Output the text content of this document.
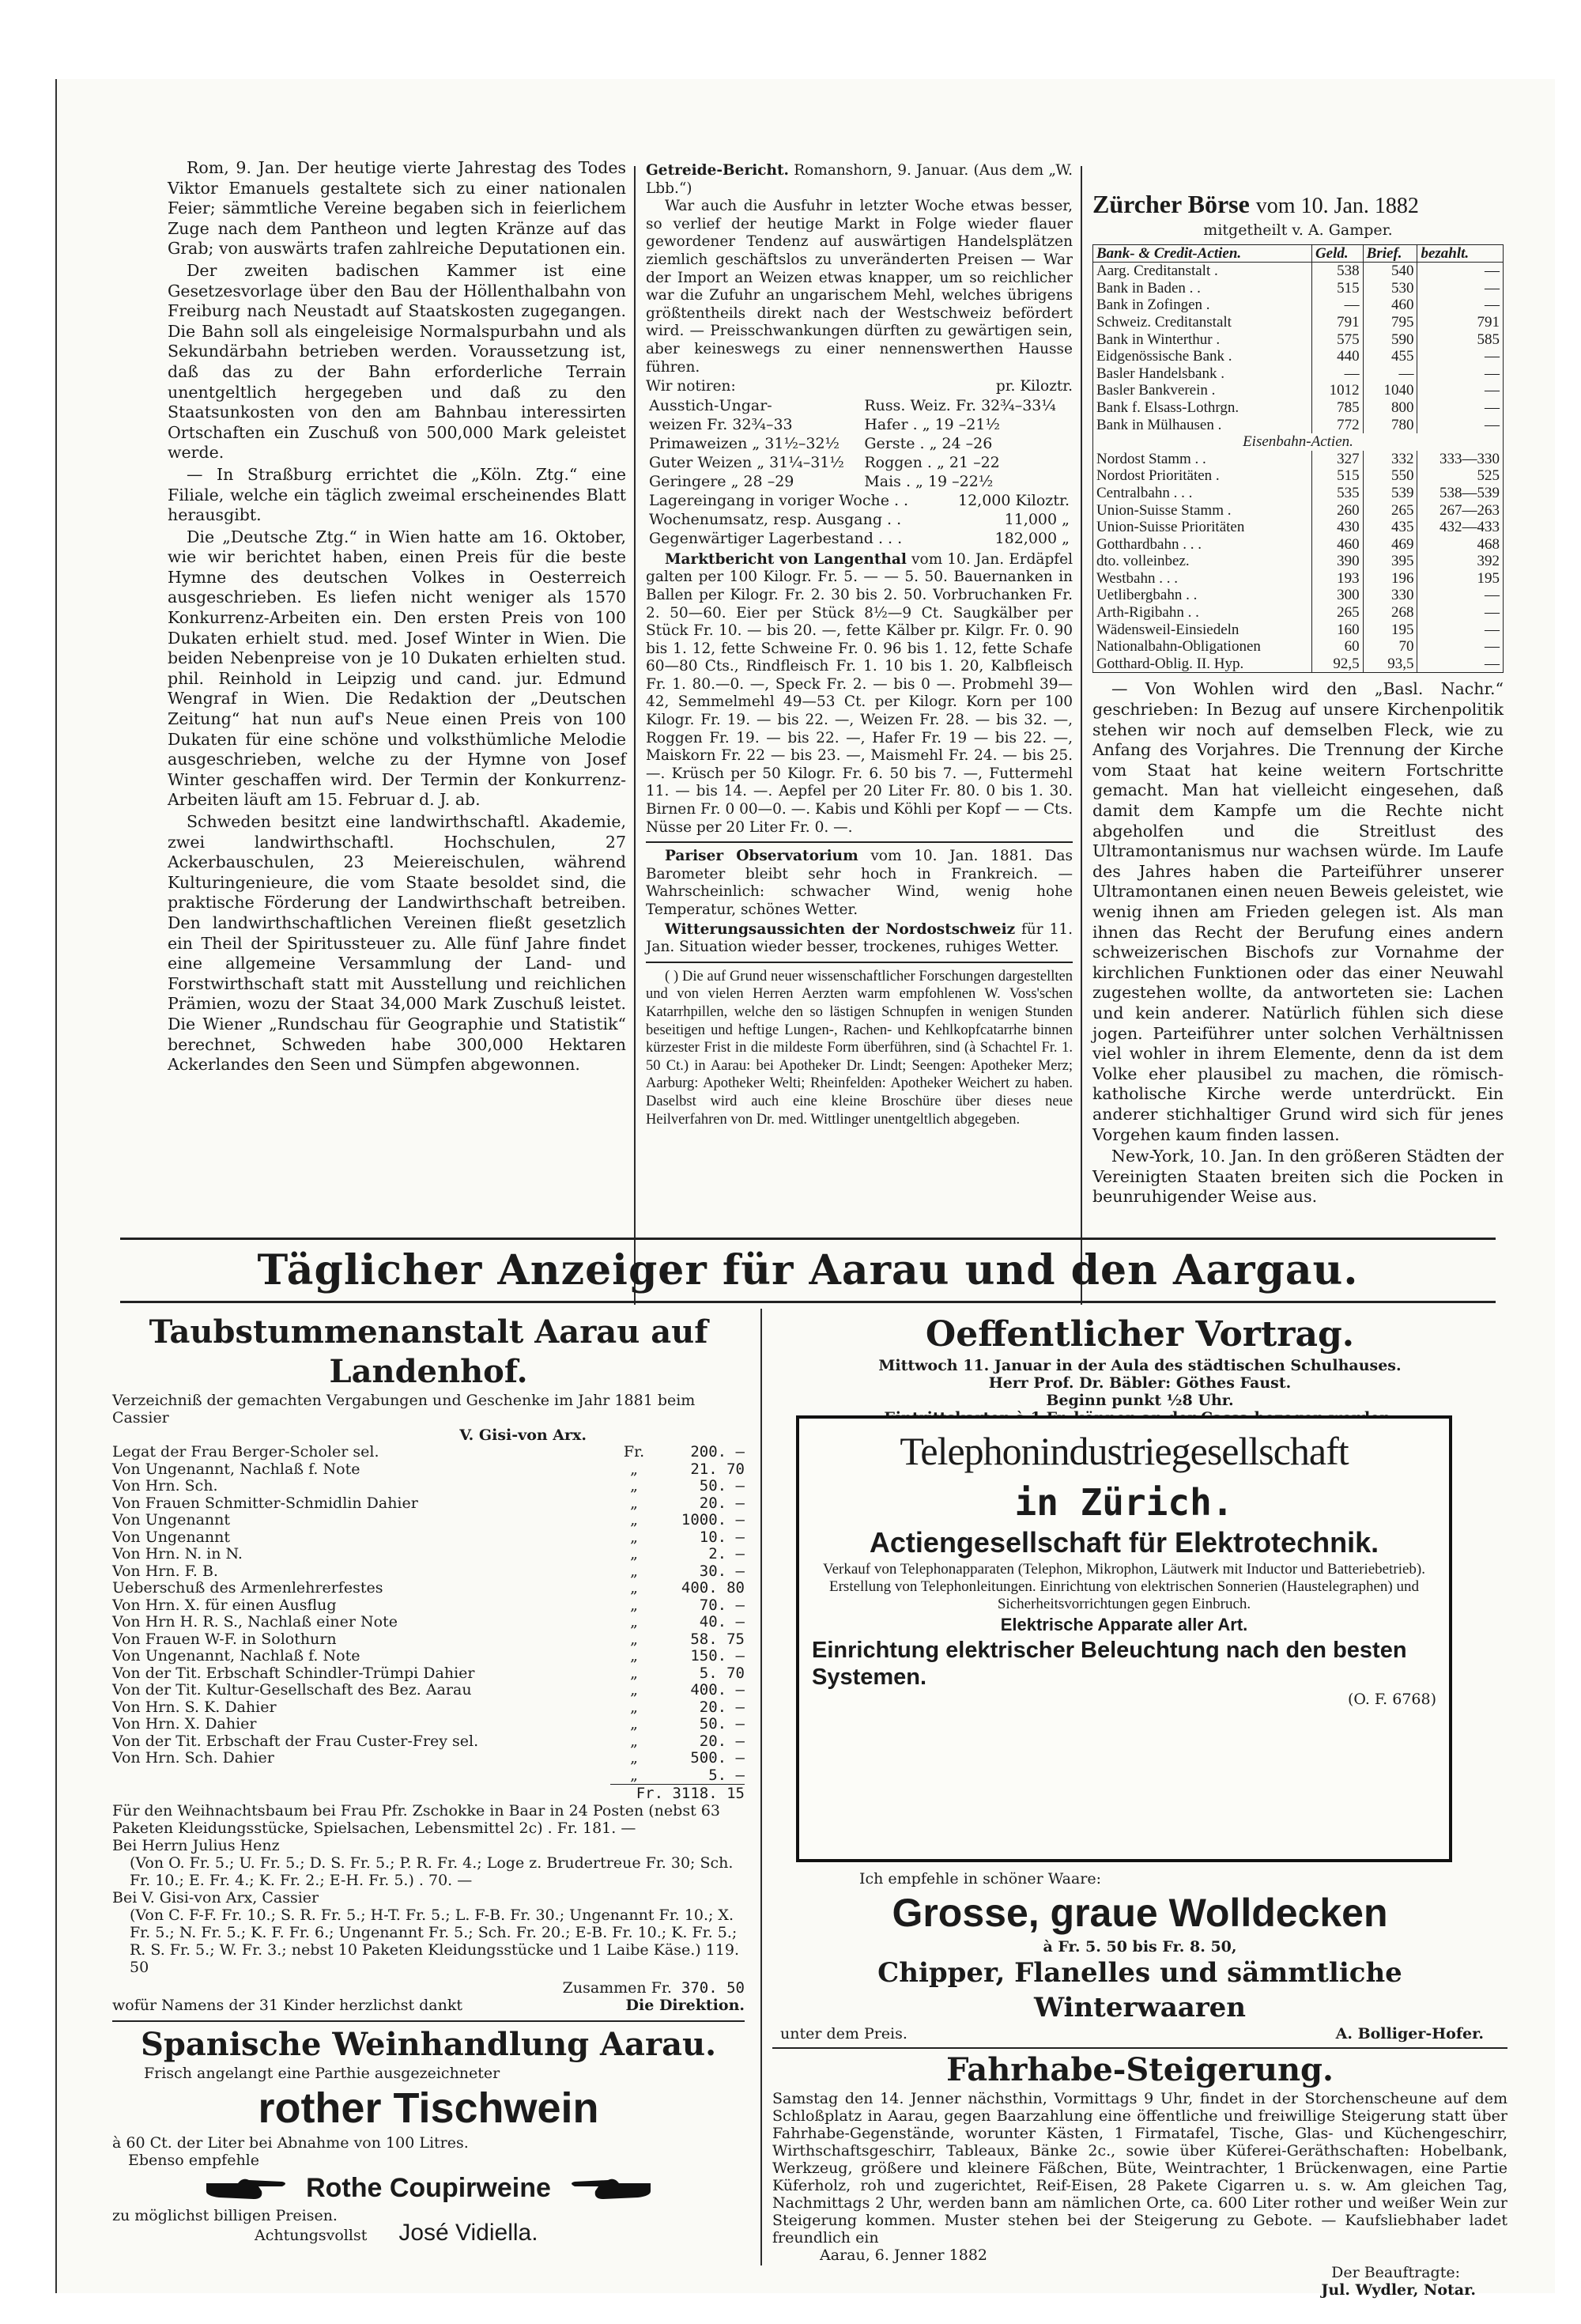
Rom, 9. Jan. Der heutige vierte Jahrestag des Todes Viktor Emanuels gestaltete sich zu einer nationalen Feier; sämmtliche Vereine begaben sich in feierlichem Zuge nach dem Pantheon und legten Kränze auf das Grab; von auswärts trafen zahlreiche Deputationen ein.

Der zweiten badischen Kammer ist eine Gesetzesvorlage über den Bau der Höllenthalbahn von Freiburg nach Neustadt auf Staatskosten zugegangen. Die Bahn soll als eingeleisige Normalspurbahn und als Sekundärbahn betrieben werden. Voraussetzung ist, daß das zu der Bahn erforderliche Terrain unentgeltlich hergegeben und daß zu den Staatsunkosten von den am Bahnbau interessirten Ortschaften ein Zuschuß von 500,000 Mark geleistet werde.

— In Straßburg errichtet die „Köln. Ztg.“ eine Filiale, welche ein täglich zweimal erscheinendes Blatt herausgibt.

Die „Deutsche Ztg.“ in Wien hatte am 16. Oktober, wie wir berichtet haben, einen Preis für die beste Hymne des deutschen Volkes in Oesterreich ausgeschrieben. Es liefen nicht weniger als 1570 Konkurrenz-Arbeiten ein. Den ersten Preis von 100 Dukaten erhielt stud. med. Josef Winter in Wien. Die beiden Nebenpreise von je 10 Dukaten erhielten stud. phil. Reinhold in Leipzig und cand. jur. Edmund Wengraf in Wien. Die Redaktion der „Deutschen Zeitung“ hat nun auf's Neue einen Preis von 100 Dukaten für eine schöne und volksthümliche Melodie ausgeschrieben, welche zu der Hymne von Josef Winter geschaffen wird. Der Termin der Konkurrenz-Arbeiten läuft am 15. Februar d. J. ab.

Schweden besitzt eine landwirthschaftl. Akademie, zwei landwirthschaftl. Hochschulen, 27 Ackerbauschulen, 23 Meiereischulen, während Kulturingenieure, die vom Staate besoldet sind, die praktische Förderung der Landwirthschaft betreiben. Den landwirthschaftlichen Vereinen fließt gesetzlich ein Theil der Spiritussteuer zu. Alle fünf Jahre findet eine allgemeine Versammlung der Land- und Forstwirthschaft statt mit Ausstellung und reichlichen Prämien, wozu der Staat 34,000 Mark Zuschuß leistet. Die Wiener „Rundschau für Geographie und Statistik“ berechnet, Schweden habe 300,000 Hektaren Ackerlandes den Seen und Sümpfen abgewonnen.

Getreide-Bericht. Romanshorn, 9. Januar. (Aus dem „W. Lbb.“)

War auch die Ausfuhr in letzter Woche etwas besser, so verlief der heutige Markt in Folge wieder flauer gewordener Tendenz auf auswärtigen Handelsplätzen ziemlich geschäftslos zu unveränderten Preisen — War der Import an Weizen etwas knapper, um so reichlicher war die Zufuhr an ungarischem Mehl, welches übrigens größtentheils direkt nach der Westschweiz befördert wird. — Preisschwankungen dürften zu gewärtigen sein, aber keineswegs zu einer nennenswerthen Hausse führen.

Wir notiren:	pr. Kiloztr.
Ausstich-Ungar-	Russ. Weiz. Fr. 32¾–33¼
weizen Fr. 32¾–33	Hafer . „ 19 –21½
Primaweizen „ 31½–32½	Gerste . „ 24 –26
Guter Weizen „ 31¼–31½	Roggen . „ 21 –22
Geringere „ 28 –29	Mais . „ 19 –22½
Lagereingang in voriger Woche . .	12,000 Kiloztr.
Wochenumsatz, resp. Ausgang . .	11,000 „
Gegenwärtiger Lagerbestand . . .	182,000 „

Marktbericht von Langenthal vom 10. Jan. Erdäpfel galten per 100 Kilogr. Fr. 5. — — 5. 50. Bauernanken in Ballen per Kilogr. Fr. 2. 30 bis 2. 50. Vorbruchanken Fr. 2. 50—60. Eier per Stück 8½—9 Ct. Saugkälber per Stück Fr. 10. — bis 20. —, fette Kälber pr. Kilgr. Fr. 0. 90 bis 1. 12, fette Schweine Fr. 0. 96 bis 1. 12, fette Schafe 60—80 Cts., Rindfleisch Fr. 1. 10 bis 1. 20, Kalbfleisch Fr. 1. 80.—0. —, Speck Fr. 2. — bis 0 —. Probmehl 39—42, Semmelmehl 49—53 Ct. per Kilogr. Korn per 100 Kilogr. Fr. 19. — bis 22. —, Weizen Fr. 28. — bis 32. —, Roggen Fr. 19. — bis 22. —, Hafer Fr. 19 — bis 22. —, Maiskorn Fr. 22 — bis 23. —, Maismehl Fr. 24. — bis 25. —. Krüsch per 50 Kilogr. Fr. 6. 50 bis 7. —, Futtermehl 11. — bis 14. —. Aepfel per 20 Liter Fr. 80. 0 bis 1. 30. Birnen Fr. 0 00—0. —. Kabis und Köhli per Kopf — — Cts. Nüsse per 20 Liter Fr. 0. —.

Pariser Observatorium vom 10. Jan. 1881. Das Barometer bleibt sehr hoch in Frankreich. — Wahrscheinlich: schwacher Wind, wenig hohe Temperatur, schönes Wetter.

Witterungsaussichten der Nordostschweiz für 11. Jan. Situation wieder besser, trockenes, ruhiges Wetter.

( ) Die auf Grund neuer wissenschaftlicher Forschungen dargestellten und von vielen Herren Aerzten warm empfohlenen W. Voss'schen Katarrhpillen, welche den so lästigen Schnupfen in wenigen Stunden beseitigen und heftige Lungen-, Rachen- und Kehlkopfcatarrhe binnen kürzester Frist in die mildeste Form überführen, sind (à Schachtel Fr. 1. 50 Ct.) in Aarau: bei Apotheker Dr. Lindt; Seengen: Apotheker Merz; Aarburg: Apotheker Welti; Rheinfelden: Apotheker Weichert zu haben. Daselbst wird auch eine kleine Broschüre über dieses neue Heilverfahren von Dr. med. Wittlinger unentgeltlich abgegeben.

Zürcher Börse vom 10. Jan. 1882
mitgetheilt v. A. Gamper.
Bank- & Credit-Actien.	Geld.	Brief.	bezahlt.
Aarg. Creditanstalt .	538	540	—
Bank in Baden . .	515	530	—
Bank in Zofingen .	—	460	—
Schweiz. Creditanstalt	791	795	791
Bank in Winterthur .	575	590	585
Eidgenössische Bank .	440	455	—
Basler Handelsbank .	—	—	—
Basler Bankverein .	1012	1040	—
Bank f. Elsass-Lothrgn.	785	800	—
Bank in Mülhausen .	772	780	—
Eisenbahn-Actien.			
Nordost Stamm . .	327	332	333—330
Nordost Prioritäten .	515	550	525
Centralbahn . . .	535	539	538—539
Union-Suisse Stamm .	260	265	267—263
Union-Suisse Prioritäten	430	435	432—433
Gotthardbahn . . .	460	469	468
dto. volleinbez.	390	395	392
Westbahn . . .	193	196	195
Uetlibergbahn . .	300	330	—
Arth-Rigibahn . .	265	268	—
Wädensweil-Einsiedeln	160	195	—
Nationalbahn-Obligationen	60	70	—
Gotthard-Oblig. II. Hyp.	92,5	93,5	—

— Von Wohlen wird den „Basl. Nachr.“ geschrieben: In Bezug auf unsere Kirchenpolitik stehen wir noch auf demselben Fleck, wie zu Anfang des Vorjahres. Die Trennung der Kirche vom Staat hat keine weitern Fortschritte gemacht. Man hat vielleicht eingesehen, daß damit dem Kampfe um die Rechte nicht abgeholfen und die Streitlust des Ultramontanismus nur wachsen würde. Im Laufe des Jahres haben die Parteiführer unserer Ultramontanen einen neuen Beweis geleistet, wie wenig ihnen am Frieden gelegen ist. Als man ihnen das Recht der Berufung eines andern schweizerischen Bischofs zur Vornahme der kirchlichen Funktionen oder das einer Neuwahl zugestehen wollte, da antworteten sie: Lachen und kein anderer. Natürlich fühlen sich diese jogen. Parteiführer unter solchen Verhältnissen viel wohler in ihrem Elemente, denn da ist dem Volke eher plausibel zu machen, die römisch-katholische Kirche werde unterdrückt. Ein anderer stichhaltiger Grund wird sich für jenes Vorgehen kaum finden lassen.

New-York, 10. Jan. In den größeren Städten der Vereinigten Staaten breiten sich die Pocken in beunruhigender Weise aus.

Täglicher Anzeiger für Aarau und den Aargau.
Taubstummenanstalt Aarau auf Landenhof.
Verzeichniß der gemachten Vergabungen und Geschenke im Jahr 1881 beim Cassier
V. Gisi-von Arx.
Legat der Frau Berger-Scholer sel.	Fr.	200. —
Von Ungenannt, Nachlaß f. Note	„	21. 70
Von Hrn. Sch.	„	50. —
Von Frauen Schmitter-Schmidlin Dahier	„	20. —
Von Ungenannt	„	1000. —
Von Ungenannt	„	10. —
Von Hrn. N. in N.	„	2. —
Von Hrn. F. B.	„	30. —
Ueberschuß des Armenlehrerfestes	„	400. 80
Von Hrn. X. für einen Ausflug	„	70. —
Von Hrn H. R. S., Nachlaß einer Note	„	40. —
Von Frauen W-F. in Solothurn	„	58. 75
Von Ungenannt, Nachlaß f. Note	„	150. —
Von der Tit. Erbschaft Schindler-Trümpi Dahier	„	5. 70
Von der Tit. Kultur-Gesellschaft des Bez. Aarau	„	400. —
Von Hrn. S. K. Dahier	„	20. —
Von Hrn. X. Dahier	„	50. —
Von der Tit. Erbschaft der Frau Custer-Frey sel.	„	20. —
Von Hrn. Sch. Dahier	„	500. —
	„	5. —
Fr. 3118. 15
Für den Weihnachtsbaum bei Frau Pfr. Zschokke in Baar in 24 Posten (nebst 63 Paketen Kleidungsstücke, Spielsachen, Lebensmittel 2c) . Fr. 181. —
Bei Herrn Julius Henz
(Von O. Fr. 5.; U. Fr. 5.; D. S. Fr. 5.; P. R. Fr. 4.; Loge z. Brudertreue Fr. 30; Sch. Fr. 10.; E. Fr. 4.; K. Fr. 2.; E-H. Fr. 5.) . 70. —
Bei V. Gisi-von Arx, Cassier
(Von C. F-F. Fr. 10.; S. R. Fr. 5.; H-T. Fr. 5.; L. F-B. Fr. 30.; Ungenannt Fr. 10.; X. Fr. 5.; N. Fr. 5.; K. F. Fr. 6.; Ungenannt Fr. 5.; Sch. Fr. 20.; E-B. Fr. 10.; K. Fr. 5.; R. S. Fr. 5.; W. Fr. 3.; nebst 10 Paketen Kleidungsstücke und 1 Laibe Käse.) 119. 50
Zusammen Fr. 370. 50
wofür Namens der 31 Kinder herzlichst dankt	Die Direktion.
Spanische Weinhandlung Aarau.
Frisch angelangt eine Parthie ausgezeichneter
rother Tischwein
à 60 Ct. der Liter bei Abnahme von 100 Litres.
Ebenso empfehle
Rothe Coupirweine
zu möglichst billigen Preisen.
Achtungsvollst José Vidiella.
Oeffentlicher Vortrag.
Mittwoch 11. Januar in der Aula des städtischen Schulhauses.
Herr Prof. Dr. Bäbler: Göthes Faust.
Beginn punkt ½8 Uhr.
Telephonindustriegesellschaft
in Zürich.
Actiengesellschaft für Elektrotechnik.
Verkauf von Telephonapparaten (Telephon, Mikrophon, Läutwerk mit Inductor und Batteriebetrieb). Erstellung von Telephonleitungen. Einrichtung von elektrischen Sonnerien (Haustelegraphen) und Sicherheitsvorrichtungen gegen Einbruch.
Elektrische Apparate aller Art.
Einrichtung elektrischer Beleuchtung nach den besten Systemen.
(O. F. 6768)
Ich empfehle in schöner Waare:
Grosse, graue Wolldecken
à Fr. 5. 50 bis Fr. 8. 50,
Chipper, Flanelles und sämmtliche Winterwaaren
unter dem Preis.	A. Bolliger-Hofer.
Fahrhabe-Steigerung.
Samstag den 14. Jenner nächsthin, Vormittags 9 Uhr, findet in der Storchenscheune auf dem Schloßplatz in Aarau, gegen Baarzahlung eine öffentliche und freiwillige Steigerung statt über Fahrhabe-Gegenstände, worunter Kästen, 1 Firmatafel, Tische, Glas- und Küchengeschirr, Wirthschaftsgeschirr, Tableaux, Bänke 2c., sowie über Küferei-Geräthschaften: Hobelbank, Werkzeug, größere und kleinere Fäßchen, Büte, Weintrachter, 1 Brückenwagen, eine Partie Küferholz, roh und zugerichtet, Reif-Eisen, 28 Pakete Cigarren u. s. w. Am gleichen Tag, Nachmittags 2 Uhr, werden bann am nämlichen Orte, ca. 600 Liter rother und weißer Wein zur Steigerung kommen. Muster stehen bei der Steigerung zu Gebote. — Kaufsliebhaber ladet freundlich ein
Aarau, 6. Jenner 1882
Der Beauftragte:
Jul. Wydler, Notar.
